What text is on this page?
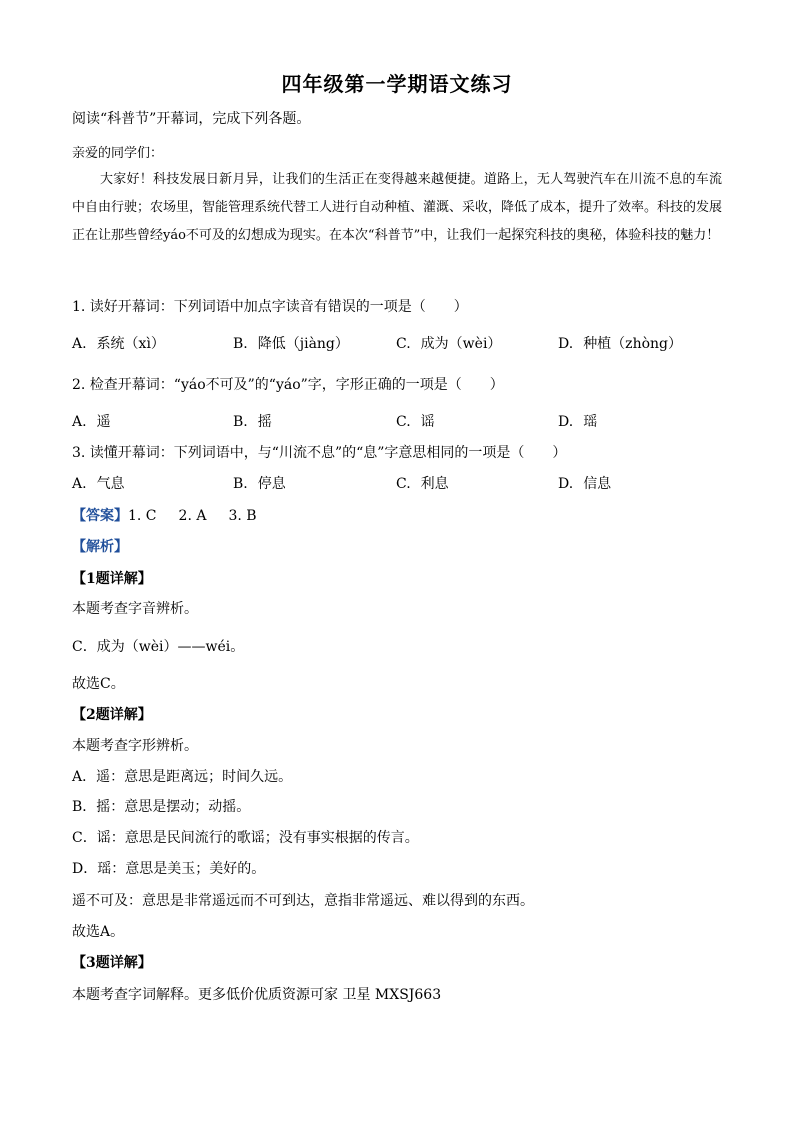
四年级第一学期语文练习
阅读“科普节”开幕词，完成下列各题。
亲爱的同学们：
大家好！科技发展日新月异，让我们的生活正在变得越来越便捷。道路上，无人驾驶汽车在川流不息的车流中自由行驶；农场里，智能管理系统代替工人进行自动种植、灌溉、采收，降低了成本，提升了效率。科技的发展正在让那些曾经yáo不可及的幻想成为现实。在本次“科普节”中，让我们一起探究科技的奥秘，体验科技的魅力！
1. 读好开幕词：下列词语中加点字读音有错误的一项是（　　）
A. 系统（xì）	B. 降低（jiàng）	C. 成为（wèi）	D. 种植（zhòng）
2. 检查开幕词：“yáo不可及”的“yáo”字，字形正确的一项是（　　）
A. 遥	B. 摇	C. 谣	D. 瑶
3. 读懂开幕词：下列词语中，与“川流不息”的“息”字意思相同的一项是（　　）
A. 气息	B. 停息	C. 利息	D. 信息
【答案】1. C 2. A 3. B
【解析】
【1题详解】
本题考查字音辨析。
C．成为（wèi）——wéi。
故选C。
【2题详解】
本题考查字形辨析。
A．遥：意思是距离远；时间久远。
B．摇：意思是摆动；动摇。
C．谣：意思是民间流行的歌谣；没有事实根据的传言。
D．瑶：意思是美玉；美好的。
遥不可及：意思是非常遥远而不可到达，意指非常遥远、难以得到的东西。
故选A。
【3题详解】
本题考查字词解释。更多低价优质资源可家 卫星 MXSJ663
